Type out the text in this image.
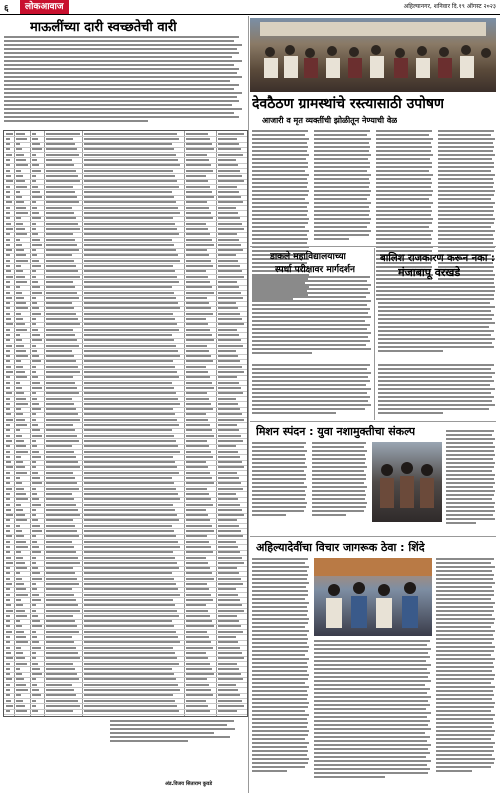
६	लोकआवाज	अहिल्यानगर, शनिवार दि.१९ ऑगस्ट २०२३
माऊलींच्या दारी स्वच्छतेची वारी
अंड.विजय सिताराम कुवडे
देवठैठण ग्रामस्थांचे रस्त्यासाठी उपोषण
आजारी व मृत व्यक्तींची झोळीतून नेण्याची वेळ
डाकले महाविद्यालयाच्या
स्पर्धा परीक्षावर मार्गदर्शन
बालिश राजकारण करून नका :
मंजाबापू वरखडे
मिशन स्पंदन : युवा नशामुक्तीचा संकल्प
अहिल्यादेवींचा विचार जागरूक ठेवा : शिंदे
